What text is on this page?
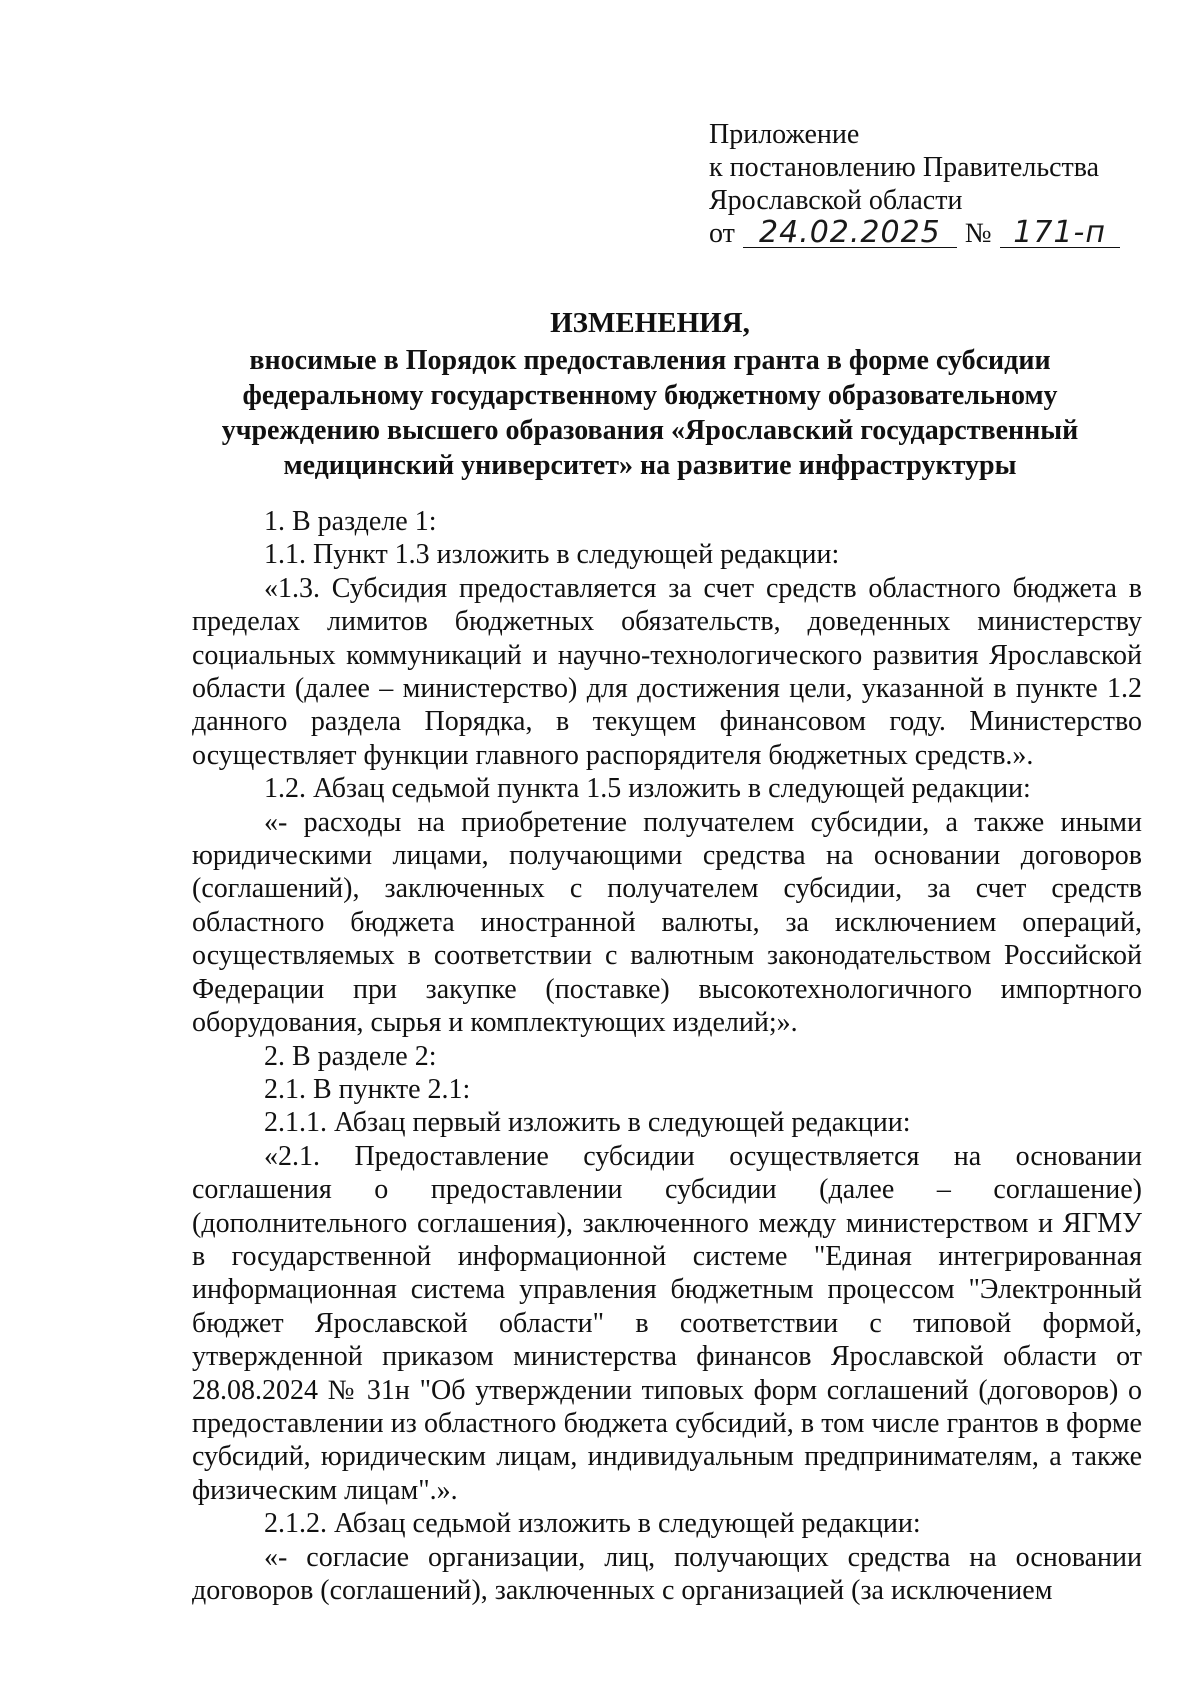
Приложение
к постановлению Правительства
Ярославской области
от 24.02.2025 № 171-п
ИЗМЕНЕНИЯ,
вносимые в Порядок предоставления гранта в форме субсидии
федеральному государственному бюджетному образовательному
учреждению высшего образования «Ярославский государственный
медицинский университет» на развитие инфраструктуры

1. В разделе 1:

1.1. Пункт 1.3 изложить в следующей редакции:

«1.3. Субсидия предоставляется за счет средств областного бюджета в пределах лимитов бюджетных обязательств, доведенных министерству социальных коммуникаций и научно-технологического развития Ярославской области (далее – министерство) для достижения цели, указанной в пункте 1.2 данного раздела Порядка, в текущем финансовом году. Министерство осуществляет функции главного распорядителя бюджетных средств.».

1.2. Абзац седьмой пункта 1.5 изложить в следующей редакции:

«- расходы на приобретение получателем субсидии, а также иными юридическими лицами, получающими средства на основании договоров (соглашений), заключенных с получателем субсидии, за счет средств областного бюджета иностранной валюты, за исключением операций, осуществляемых в соответствии с валютным законодательством Российской Федерации при закупке (поставке) высокотехнологичного импортного оборудования, сырья и комплектующих изделий;».

2. В разделе 2:

2.1. В пункте 2.1:

2.1.1. Абзац первый изложить в следующей редакции:

«2.1. Предоставление субсидии осуществляется на основании соглашения о предоставлении субсидии (далее – соглашение) (дополнительного соглашения), заключенного между министерством и ЯГМУ в государственной информационной системе "Единая интегрированная информационная система управления бюджетным процессом "Электронный бюджет Ярославской области" в соответствии с типовой формой, утвержденной приказом министерства финансов Ярославской области от 28.08.2024 № 31н "Об утверждении типовых форм соглашений (договоров) о предоставлении из областного бюджета субсидий, в том числе грантов в форме субсидий, юридическим лицам, индивидуальным предпринимателям, а также физическим лицам".».

2.1.2. Абзац седьмой изложить в следующей редакции:

«- согласие организации, лиц, получающих средства на основании договоров (соглашений), заключенных с организацией (за исключением
